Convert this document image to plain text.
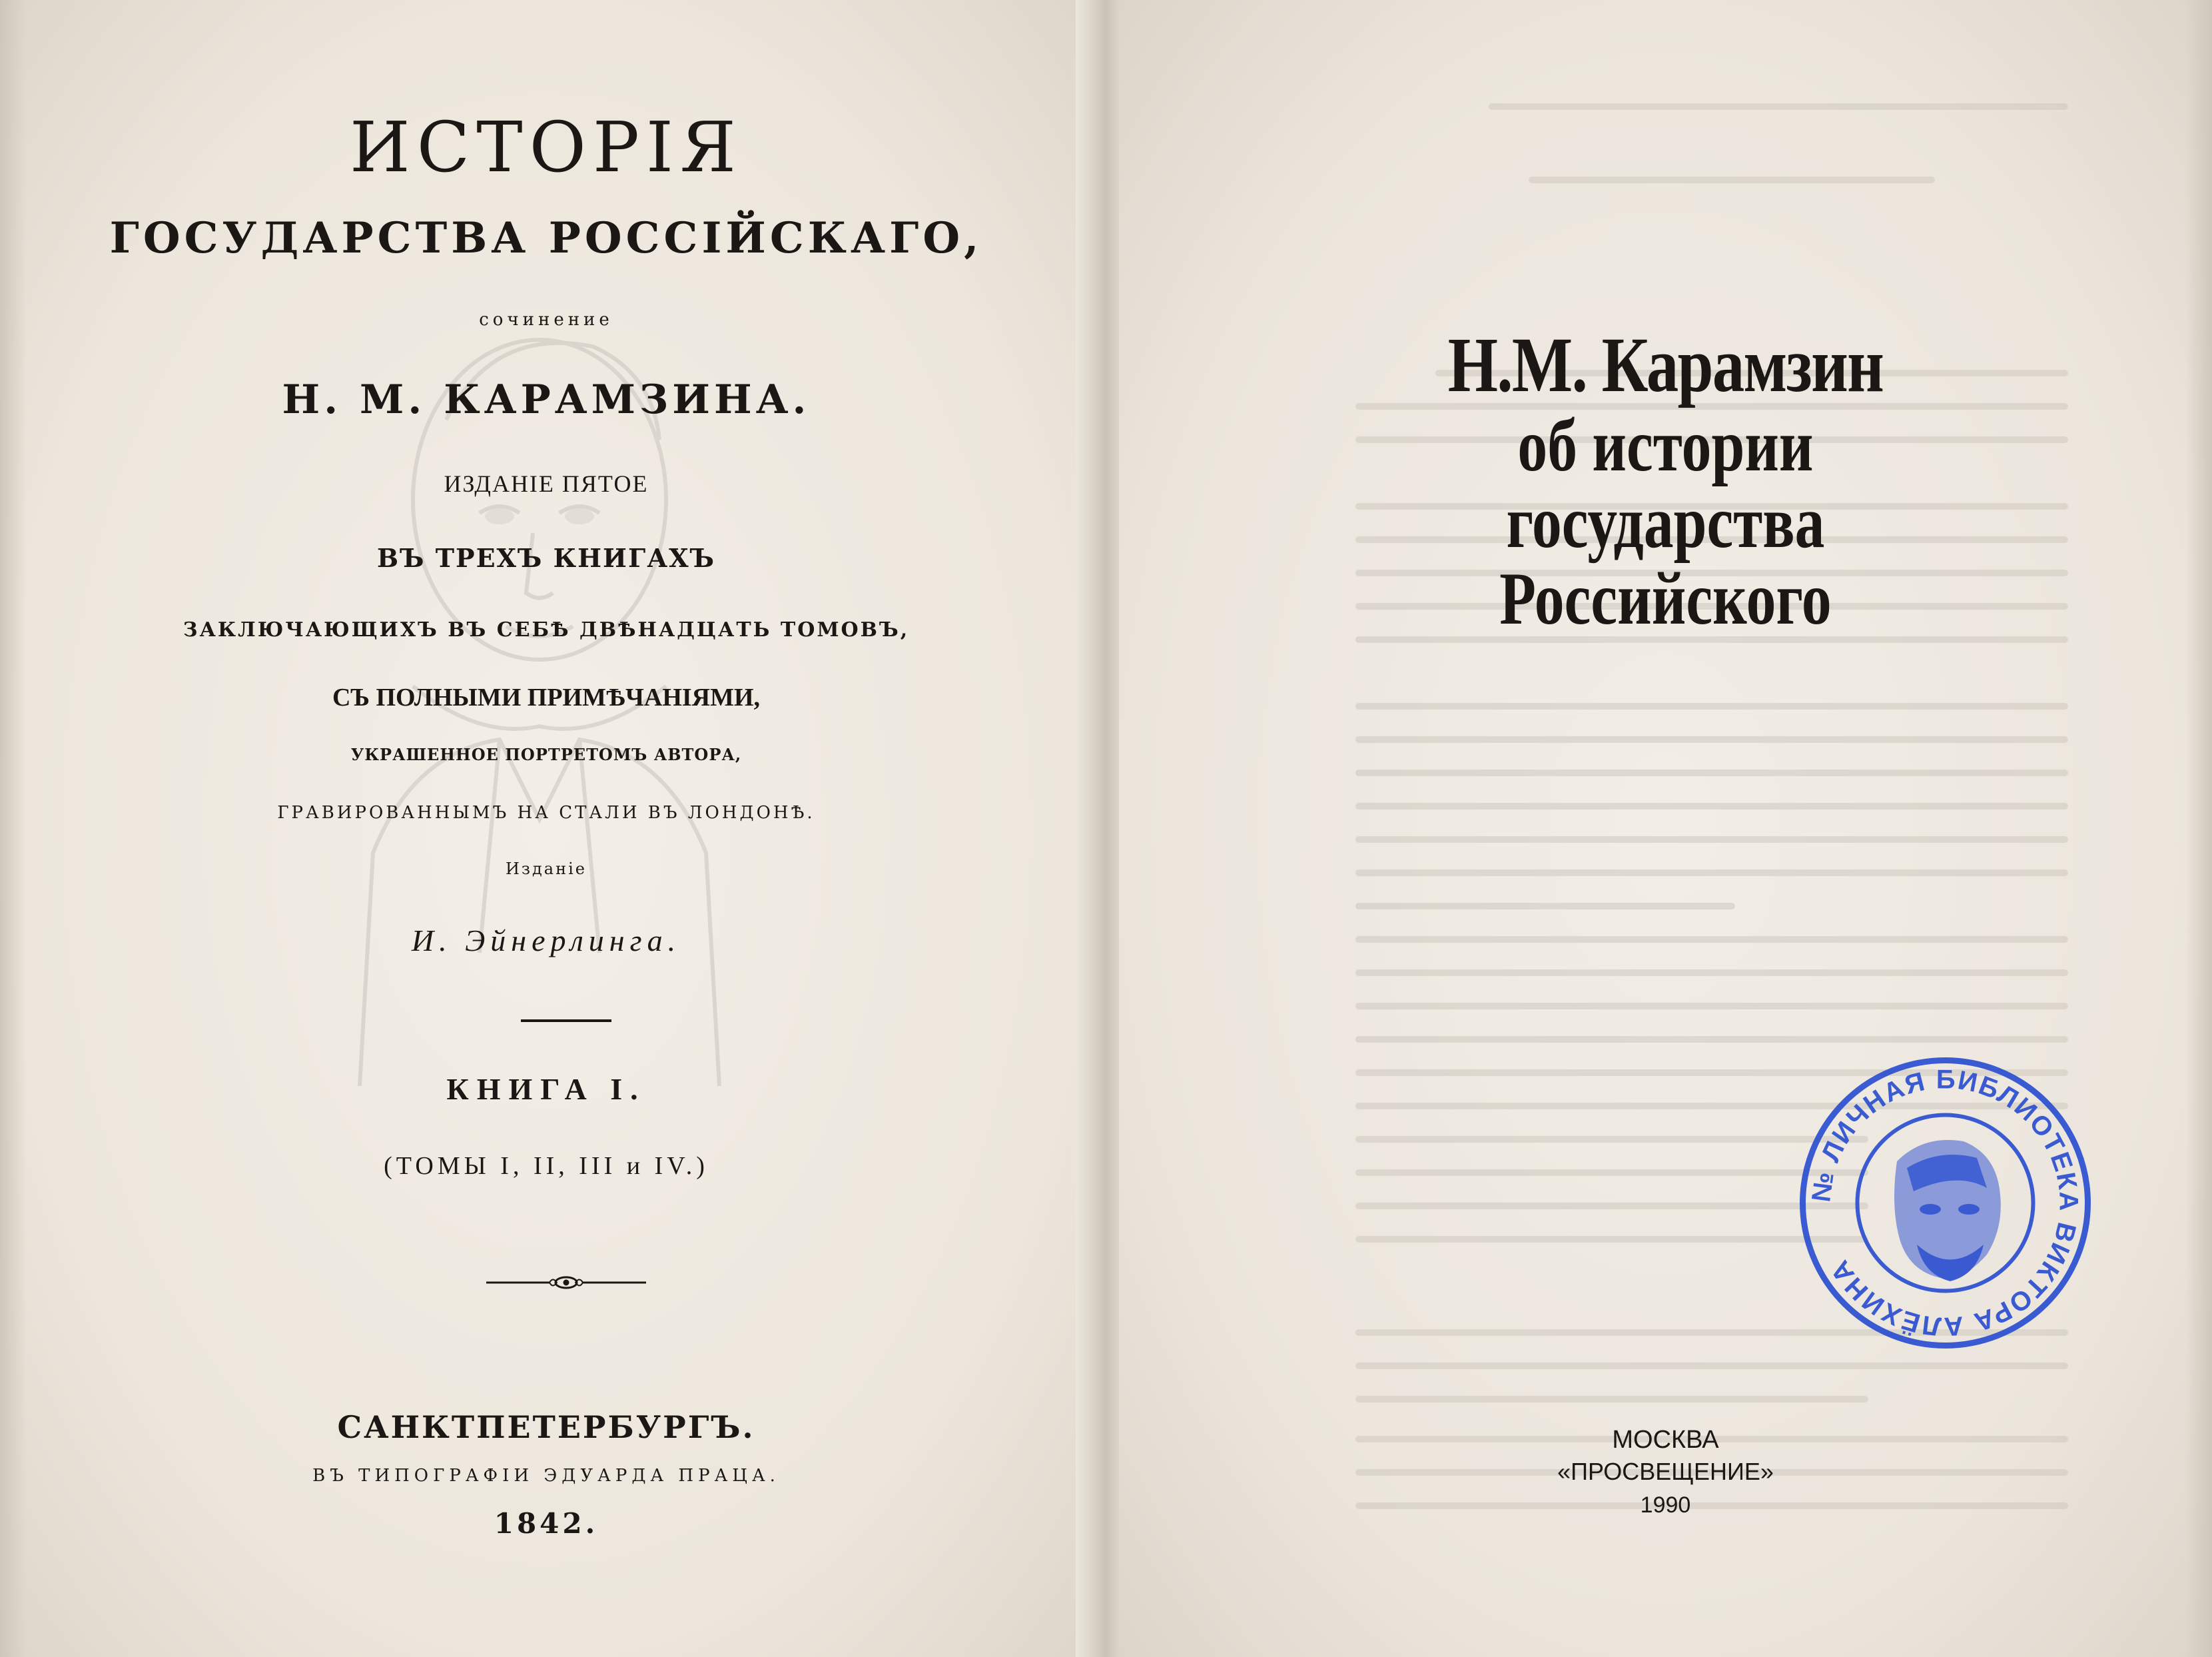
ИСТОРІЯ
ГОСУДАРСТВА РОССІЙСКАГО,
сочинение
Н. М. КАРАМЗИНА.
ИЗДАНІЕ ПЯТОЕ
ВЪ ТРЕХЪ КНИГАХЪ
ЗАКЛЮЧАЮЩИХЪ ВЪ СЕБѢ ДВѢНАДЦАТЬ ТОМОВЪ,
СЪ ПОЛНЫМИ ПРИМѢЧАНІЯМИ,
УКРАШЕННОЕ ПОРТРЕТОМЪ АВТОРА,
ГРАВИРОВАННЫМЪ НА СТАЛИ ВЪ ЛОНДОНѢ.
Изданіе
И. Эйнерлинга.
КНИГА I.
(ТОМЫ I, II, III и IV.)
САНКТПЕТЕРБУРГЪ.
ВЪ ТИПОГРАФІИ ЭДУАРДА ПРАЦА.
1842.
Н.М. Карамзин
об истории
государства
Российского
МОСКВА
«ПРОСВЕЩЕНИЕ»
1990
№ ЛИЧНАЯ БИБЛИОТЕКА ВИКТОРА АЛЁХИНА
